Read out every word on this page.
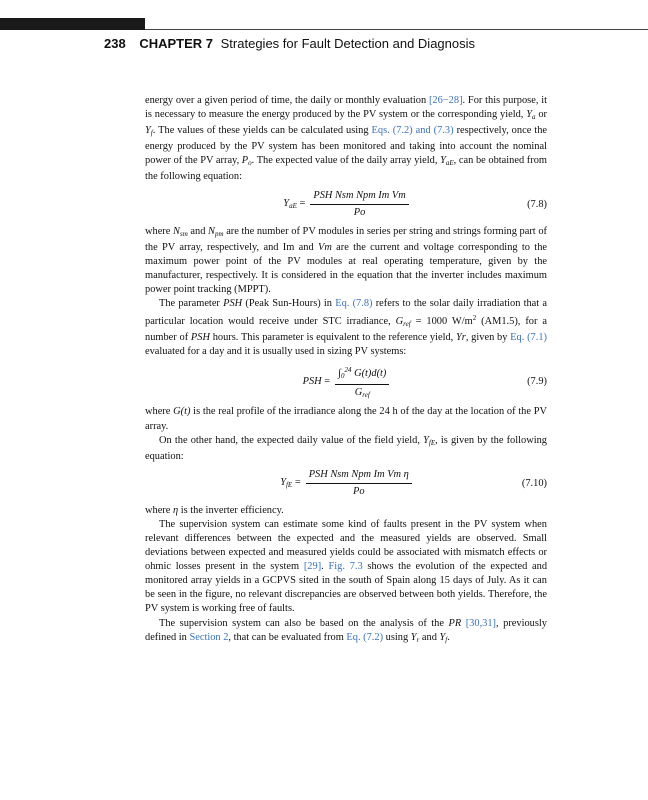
238 CHAPTER 7 Strategies for Fault Detection and Diagnosis

energy over a given period of time, the daily or monthly evaluation [26−28]. For this purpose, it is necessary to measure the energy produced by the PV system or the corresponding yield, $Y_a$ or $Y_f$. The values of these yields can be calculated using Eqs. (7.2) and (7.3) respectively, once the energy produced by the PV system has been monitored and taking into account the nominal power of the PV array, $P_o$. The expected value of the daily array yield, $Y_{aE}$, can be obtained from the following equation:

$Y_{aE} = \frac{\text{PSH Nsm Npm Im Vm}}{Po}$	(7.8)

where $N_{sm}$ and $N_{pm}$ are the number of PV modules in series per string and strings forming part of the PV array, respectively, and Im and Vm are the current and voltage corresponding to the maximum power point of the PV modules at real operating temperature, given by the manufacturer, respectively. It is considered in the equation that the inverter includes maximum power point tracking (MPPT).

The parameter PSH (Peak Sun-Hours) in Eq. (7.8) refers to the solar daily irradiation that a particular location would receive under STC irradiance, $G_{ref} = 1000$ $W/m^2$ (AM1.5), for a number of PSH hours. This parameter is equivalent to the reference yield, Yr, given by Eq. (7.1) evaluated for a day and it is usually used in sizing PV systems:

PSH = $\frac{\int_0^{24} G(t)d(t)}{G_{ref}}$	(7.9)

where G(t) is the real profile of the irradiance along the 24 h of the day at the location of the PV array.

On the other hand, the expected daily value of the field yield, $Y_{fE}$, is given by the following equation:

$Y_{fE} = \frac{\text{PSH Nsm Npm Im Vm η}}{Po}$	(7.10)

where η is the inverter efficiency.

The supervision system can estimate some kind of faults present in the PV system when relevant differences between the expected and the measured yields are observed. Small deviations between expected and measured yields could be associated with mismatch effects or ohmic losses present in the system [29]. Fig. 7.3 shows the evolution of the expected and monitored array yields in a GCPVS sited in the south of Spain along 15 days of July. As it can be seen in the figure, no relevant discrepancies are observed between both yields. Therefore, the PV system is working free of faults.

The supervision system can also be based on the analysis of the PR [30,31], previously defined in Section 2, that can be evaluated from Eq. (7.2) using $Y_r$ and $Y_f$.
